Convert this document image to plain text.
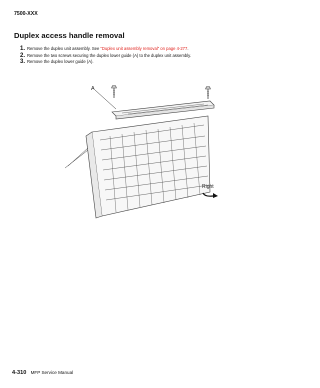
7500-XXX
Duplex access handle removal
1. Remove the duplex unit assembly. See “Duplex unit assembly removal” on page 4-277.
2. Remove the two screws securing the duplex lower guide (A) to the duplex unit assembly.
3. Remove the duplex lower guide (A).
A
Right
4-310 MFP Service Manual
